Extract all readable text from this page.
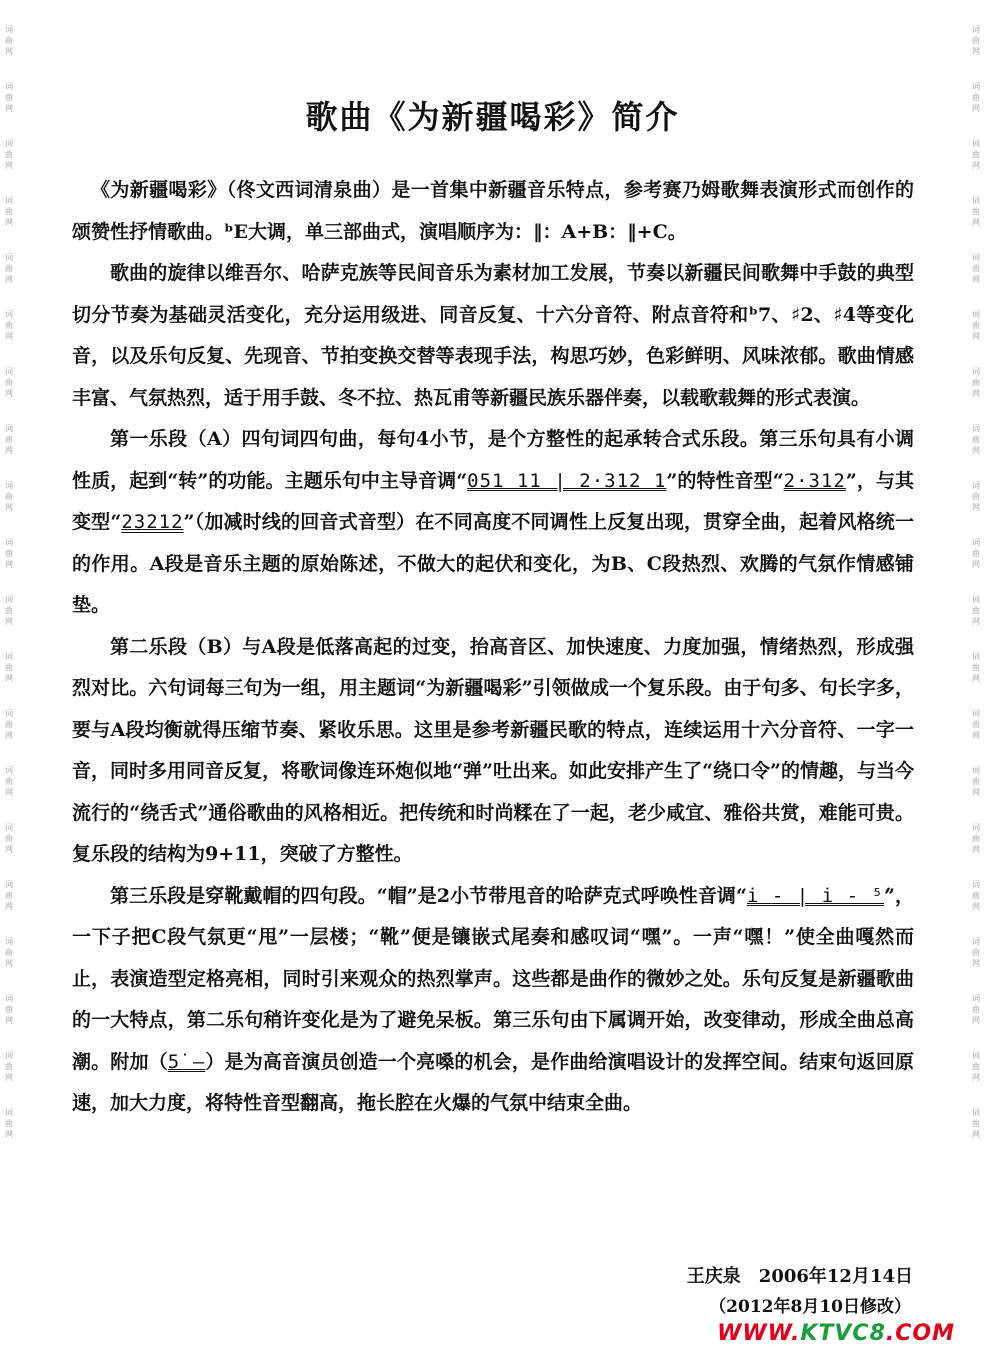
词
曲
网
词
曲
网
词
曲
网
词
曲
网
词
曲
网
词
曲
网
词
曲
网
词
曲
网
词
曲
网
词
曲
网
词
曲
网
词
曲
网
词
曲
网
词
曲
网
词
曲
网
词
曲
网
词
曲
网
词
曲
网
词
曲
网
词
曲
网
词
曲
网
词
曲
网
词
曲
网
词
曲
网
词
曲
网
词
曲
网
词
曲
网
词
曲
网
词
曲
网
词
曲
网
词
曲
网
词
曲
网
词
曲
网
词
曲
网
词
曲
网
词
曲
网
词
曲
网
词
曲
网
词
曲
网
词
曲
网
歌曲《为新疆喝彩》简介

《为新疆喝彩》（佟文西词清泉曲）是一首集中新疆音乐特点，参考赛乃姆歌舞表演形式而创作的颂赞性抒情歌曲。ᵇE大调，单三部曲式，演唱顺序为：‖：A+B：‖+C。

歌曲的旋律以维吾尔、哈萨克族等民间音乐为素材加工发展，节奏以新疆民间歌舞中手鼓的典型切分节奏为基础灵活变化，充分运用级进、同音反复、十六分音符、附点音符和ᵇ7、♯2、♯4等变化音，以及乐句反复、先现音、节拍变换交替等表现手法，构思巧妙，色彩鲜明、风味浓郁。歌曲情感丰富、气氛热烈，适于用手鼓、冬不拉、热瓦甫等新疆民族乐器伴奏，以载歌载舞的形式表演。

第一乐段（A）四句词四句曲，每句4小节，是个方整性的起承转合式乐段。第三乐句具有小调性质，起到“转”的功能。主题乐句中主导音调“051 11 | 2·312 1”的特性音型“2·312”，与其变型“23212”（加减时线的回音式音型）在不同高度不同调性上反复出现，贯穿全曲，起着风格统一的作用。A段是音乐主题的原始陈述，不做大的起伏和变化，为B、C段热烈、欢腾的气氛作情感铺垫。

第二乐段（B）与A段是低落高起的过变，抬高音区、加快速度、力度加强，情绪热烈，形成强烈对比。六句词每三句为一组，用主题词“为新疆喝彩”引领做成一个复乐段。由于句多、句长字多，要与A段均衡就得压缩节奏、紧收乐思。这里是参考新疆民歌的特点，连续运用十六分音符、一字一音，同时多用同音反复，将歌词像连环炮似地“弹”吐出来。如此安排产生了“绕口令”的情趣，与当今流行的“绕舌式”通俗歌曲的风格相近。把传统和时尚糅在了一起，老少咸宜、雅俗共赏，难能可贵。复乐段的结构为9+11，突破了方整性。

第三乐段是穿靴戴帽的四句段。“帽”是2小节带甩音的哈萨克式呼唤性音调“i̇ - | i̇ - ⁵̇”，一下子把C段气氛更“甩”一层楼；“靴”便是镶嵌式尾奏和感叹词“嘿”。一声“嘿！”使全曲嘎然而止，表演造型定格亮相，同时引来观众的热烈掌声。这些都是曲作的微妙之处。乐句反复是新疆歌曲的一大特点，第二乐句稍许变化是为了避免呆板。第三乐句由下属调开始，改变律动，形成全曲总高潮。附加（5̇ –）是为高音演员创造一个亮嗓的机会，是作曲给演唱设计的发挥空间。结束句返回原速，加大力度，将特性音型翻高，拖长腔在火爆的气氛中结束全曲。

王庆泉　2006年12月14日
（2012年8月10日修改）
WWW.KTVC8.COM
